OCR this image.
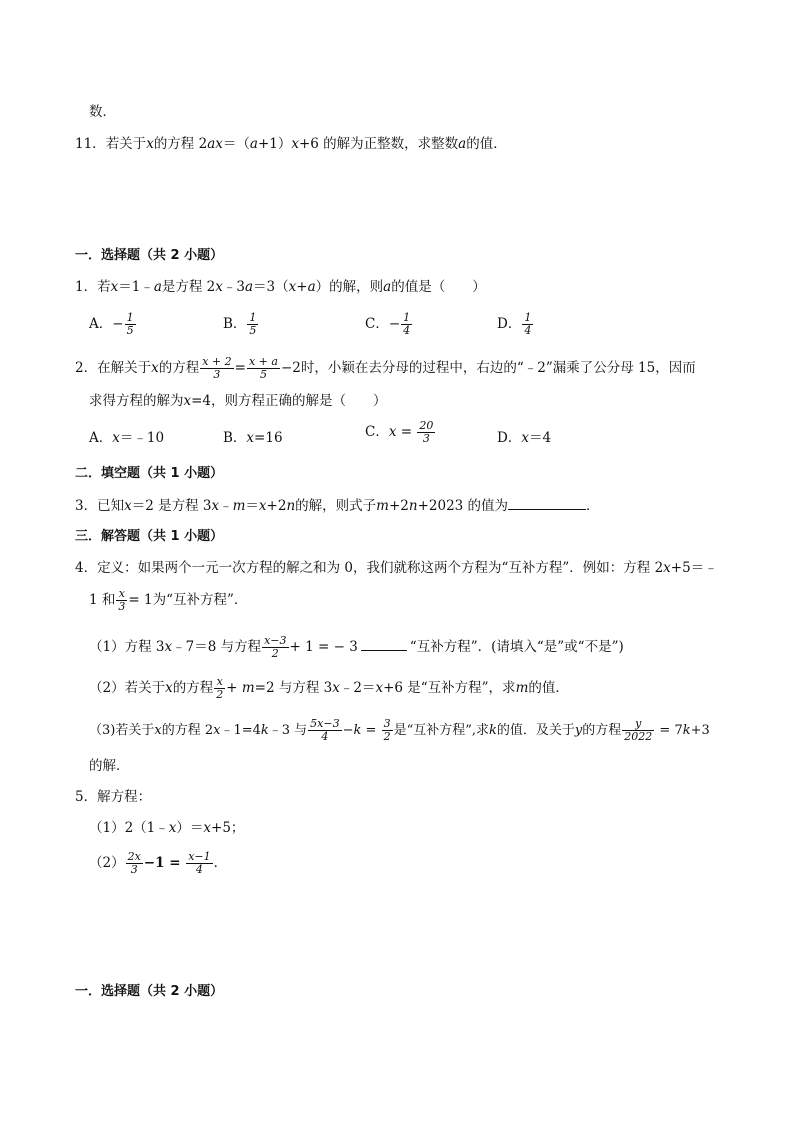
数．
11．若关于x的方程 2ax＝（a+1）x+6 的解为正整数，求整数a的值．
一．选择题（共 2 小题）
1．若x＝1﹣a是方程 2x﹣3a＝3（x+a）的解，则a的值是（　　）
A．− $\frac{1}{5}$	B． $\frac{1}{5}$	C．− $\frac{1}{4}$	D． $\frac{1}{4}$
2．在解关于x的方程 $\frac{x + 2}{3} = \frac{x + a}{5} -2$时，小颖在去分母的过程中，右边的“﹣2”漏乘了公分母 15，因而
求得方程的解为x=4，则方程正确的解是（　　）
A．x＝﹣10	B．x=16	C．$x = \frac{20}{3}$	D．x＝4
二．填空题（共 1 小题）
3．已知x＝2 是方程 3x﹣m＝x+2n的解，则式子m+2n+2023 的值为	．
三．解答题（共 1 小题）
4．定义：如果两个一元一次方程的解之和为 0，我们就称这两个方程为“互补方程”．例如：方程 2x+5＝﹣
1 和 $\frac{x}{3} = 1$为“互补方程”．
（1）方程 3x﹣7＝8 与方程 $\frac{x-3}{2} + 1$ = − 3	“互补方程”．(请填入“是”或“不是”)
（2）若关于x的方程 $\frac{x}{2} + m=2$ 与方程 3x﹣2＝x+6 是“互补方程”，求m的值．
（3)若关于x的方程 2x﹣1=4k﹣3 与 $\frac{5x-3}{4} -k = \frac{3}{2}$ 是“互补方程”,求k的值．及关于y的方程 $\frac{y}{2022} = 7k+3$
的解．
5．解方程：
（1）2（1﹣x）＝x+5；
$(2) \frac{2x}{3} -1 = \frac{x-1}{4}$ ．
一．选择题（共 2 小题）
